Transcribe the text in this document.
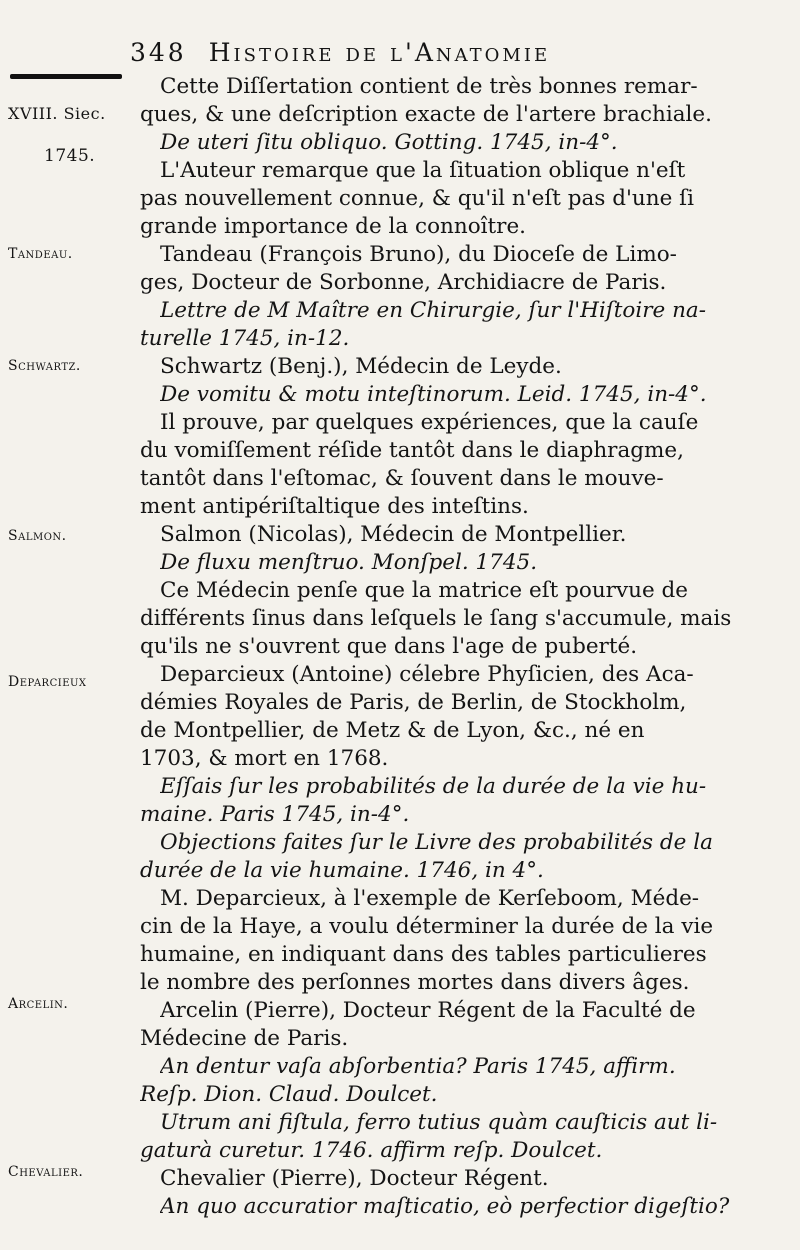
348 Histoire de l'Anatomie
XVIII. Siec.
1745.
Tandeau.
Schwartz.
Salmon.
Deparcieux
Arcelin.
Chevalier.
Cette Diſſertation contient de très bonnes remar-
ques, & une deſcription exacte de l'artere brachiale.
De uteri ſitu obliquo. Gotting. 1745, in-4°.
L'Auteur remarque que la ſituation oblique n'eſt
pas nouvellement connue, & qu'il n'eſt pas d'une ſi
grande importance de la connoître.
Tandeau (François Bruno), du Dioceſe de Limo-
ges, Docteur de Sorbonne, Archidiacre de Paris.
Lettre de M Maître en Chirurgie, ſur l'Hiſtoire na-
turelle 1745, in-12.
Schwartz (Benj.), Médecin de Leyde.
De vomitu & motu inteſtinorum. Leid. 1745, in-4°.
Il prouve, par quelques expériences, que la cauſe
du vomiſſement réſide tantôt dans le diaphragme,
tantôt dans l'eſtomac, & ſouvent dans le mouve-
ment antipériſtaltique des inteſtins.
Salmon (Nicolas), Médecin de Montpellier.
De fluxu menſtruo. Monſpel. 1745.
Ce Médecin penſe que la matrice eſt pourvue de
différents ſinus dans leſquels le ſang s'accumule, mais
qu'ils ne s'ouvrent que dans l'age de puberté.
Deparcieux (Antoine) célebre Phyſicien, des Aca-
démies Royales de Paris, de Berlin, de Stockholm,
de Montpellier, de Metz & de Lyon, &c., né en
1703, & mort en 1768.
Eſſais ſur les probabilités de la durée de la vie hu-
maine. Paris 1745, in-4°.
Objections faites ſur le Livre des probabilités de la
durée de la vie humaine. 1746, in 4°.
M. Deparcieux, à l'exemple de Kerſeboom, Méde-
cin de la Haye, a voulu déterminer la durée de la vie
humaine, en indiquant dans des tables particulieres
le nombre des perſonnes mortes dans divers âges.
Arcelin (Pierre), Docteur Régent de la Faculté de
Médecine de Paris.
An dentur vaſa abſorbentia? Paris 1745, affirm.
Reſp. Dion. Claud. Doulcet.
Utrum ani fiſtula, ferro tutius quàm cauſticis aut li-
gaturà curetur. 1746. affirm reſp. Doulcet.
Chevalier (Pierre), Docteur Régent.
An quo accuratior maſticatio, eò perfectior digeſtio?
